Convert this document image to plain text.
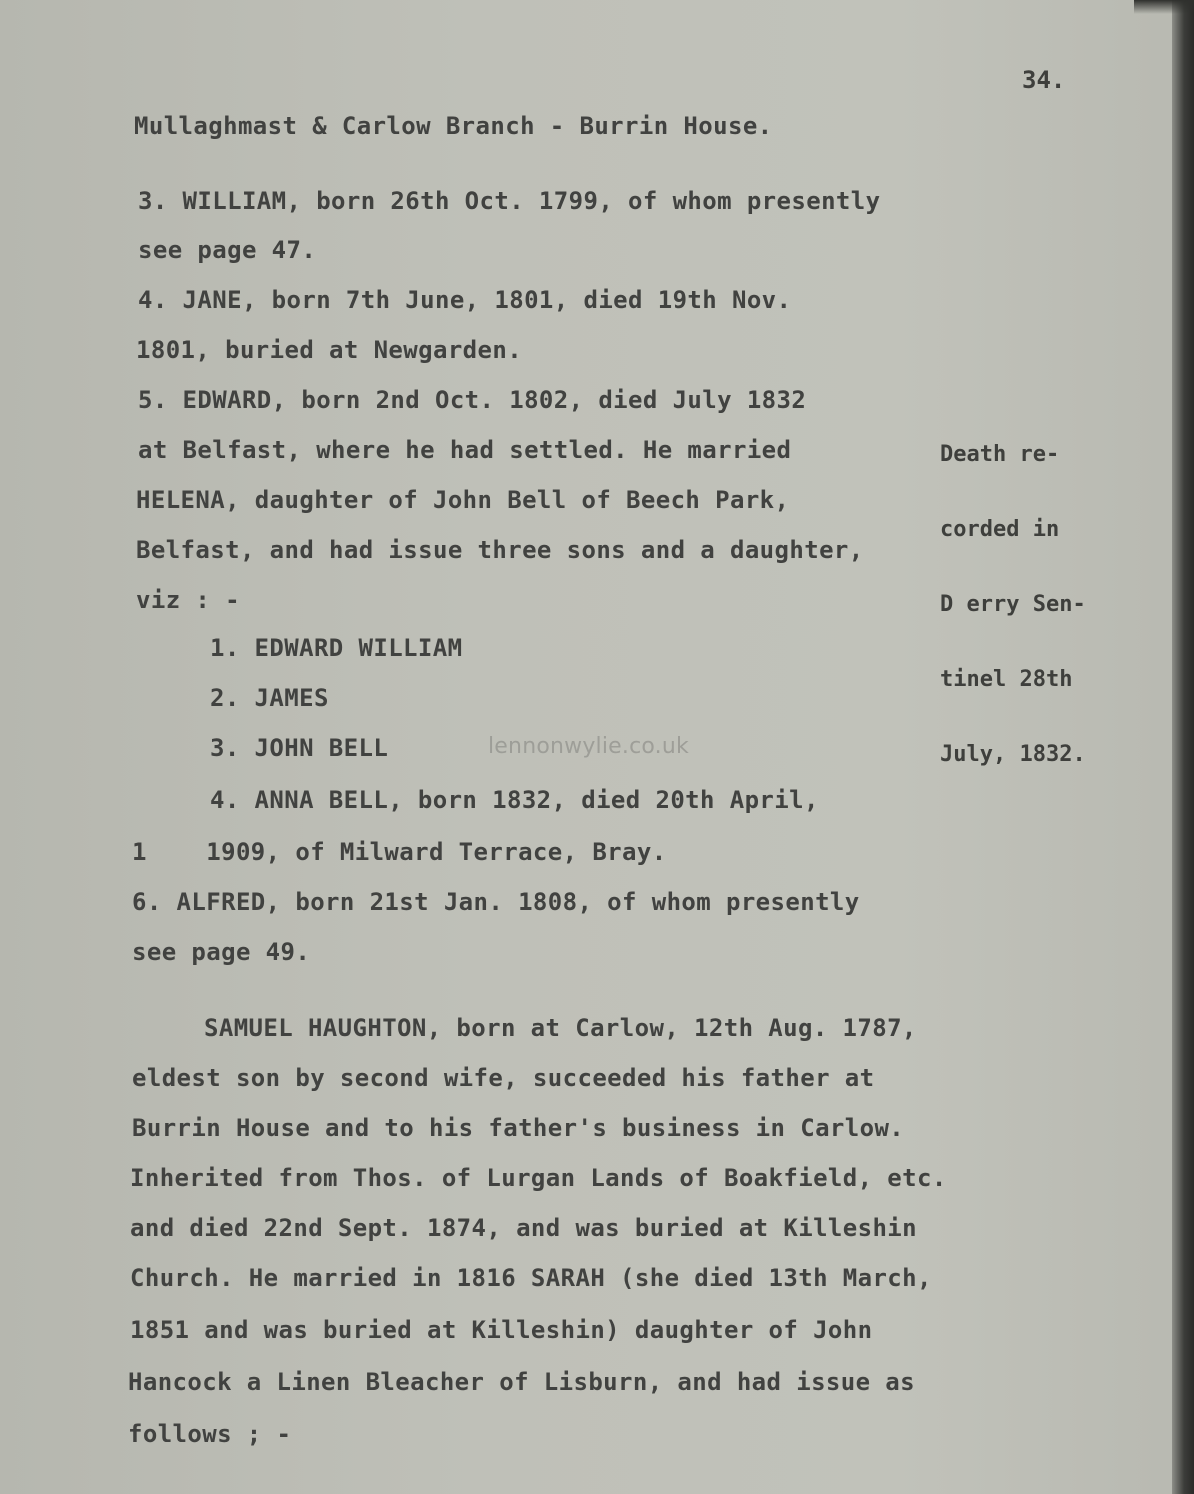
34.
Mullaghmast & Carlow Branch - Burrin House.
3. WILLIAM, born 26th Oct. 1799, of whom presently
see page 47.
4. JANE, born 7th June, 1801, died 19th Nov.
1801, buried at Newgarden.
5. EDWARD, born 2nd Oct. 1802, died July 1832
at Belfast, where he had settled. He married
HELENA, daughter of John Bell of Beech Park,
Belfast, and had issue three sons and a daughter,
viz : -
1. EDWARD WILLIAM
2. JAMES
3. JOHN BELL
4. ANNA BELL, born 1832, died 20th April,
1    1909, of Milward Terrace, Bray.
6. ALFRED, born 21st Jan. 1808, of whom presently
see page 49.
SAMUEL HAUGHTON, born at Carlow, 12th Aug. 1787,
eldest son by second wife, succeeded his father at
Burrin House and to his father's business in Carlow.
Inherited from Thos. of Lurgan Lands of Boakfield, etc.
and died 22nd Sept. 1874, and was buried at Killeshin
Church. He married in 1816 SARAH (she died 13th March,
1851 and was buried at Killeshin) daughter of John
Hancock a Linen Bleacher of Lisburn, and had issue as
follows ; -

Death re-

corded in

D erry Sen-

tinel 28th

July, 1832.

lennonwylie.co.uk
